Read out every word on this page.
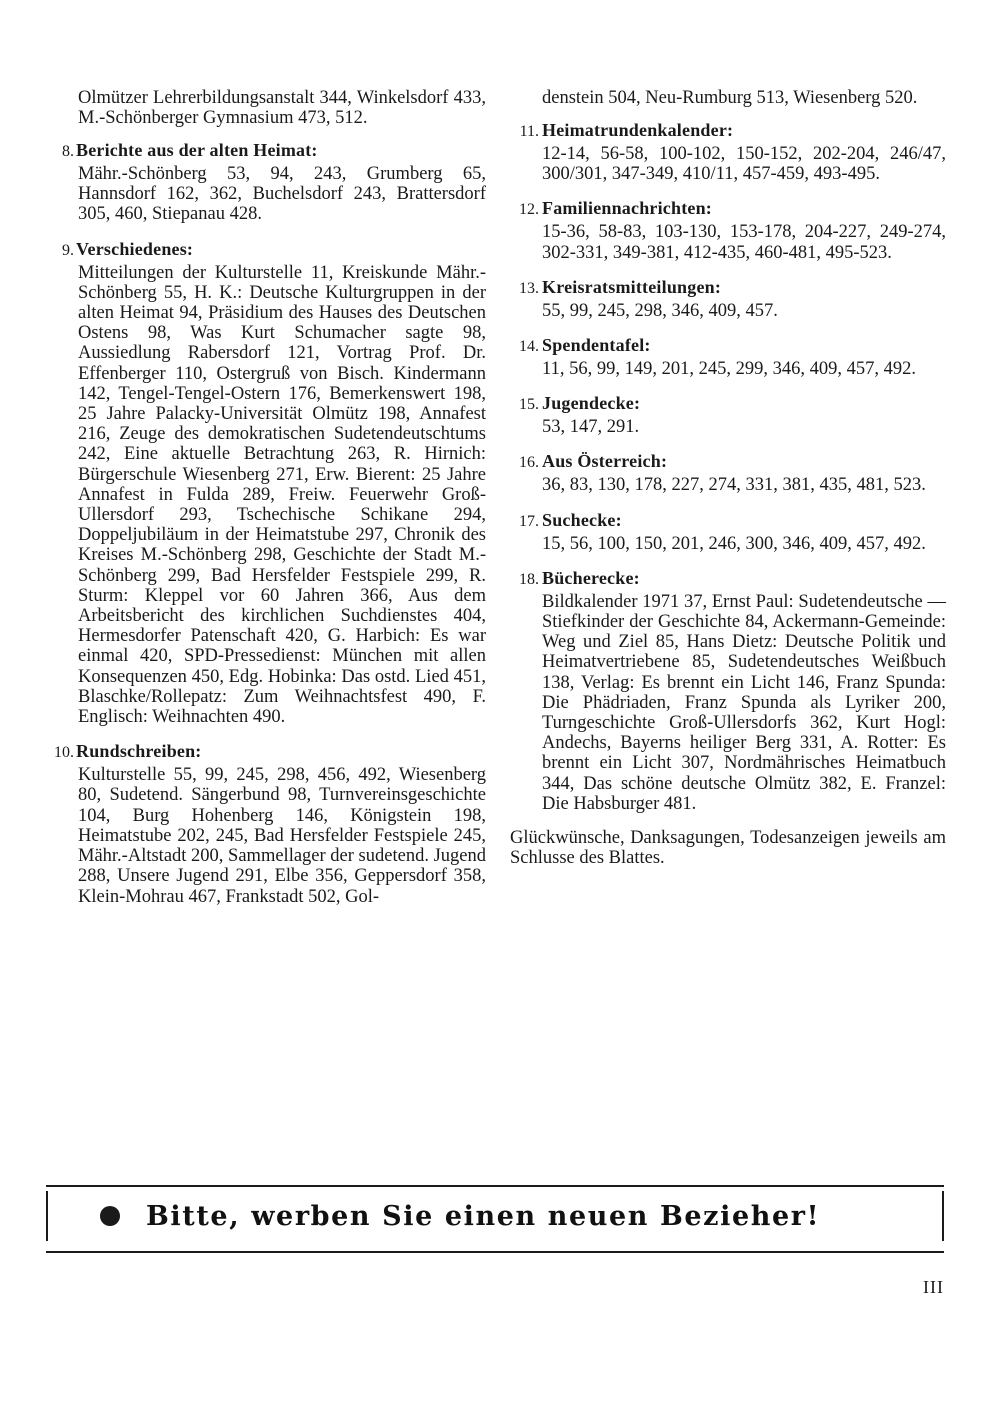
Olmützer Lehrerbildungsanstalt 344, Winkelsdorf 433, M.-Schönberger Gymnasium 473, 512.
8. Berichte aus der alten Heimat:
Mähr.-Schönberg 53, 94, 243, Grumberg 65, Hannsdorf 162, 362, Buchelsdorf 243, Brattersdorf 305, 460, Stiepanau 428.
9. Verschiedenes:
Mitteilungen der Kulturstelle 11, Kreiskunde Mähr.-Schönberg 55, H. K.: Deutsche Kulturgruppen in der alten Heimat 94, Präsidium des Hauses des Deutschen Ostens 98, Was Kurt Schumacher sagte 98, Aussiedlung Rabersdorf 121, Vortrag Prof. Dr. Effenberger 110, Ostergruß von Bisch. Kindermann 142, Tengel-Tengel-Ostern 176, Bemerkenswert 198, 25 Jahre Palacky-Universität Olmütz 198, Annafest 216, Zeuge des demokratischen Sudetendeutschtums 242, Eine aktuelle Betrachtung 263, R. Hirnich: Bürgerschule Wiesenberg 271, Erw. Bierent: 25 Jahre Annafest in Fulda 289, Freiw. Feuerwehr Groß-Ullersdorf 293, Tschechische Schikane 294, Doppeljubiläum in der Heimatstube 297, Chronik des Kreises M.-Schönberg 298, Geschichte der Stadt M.-Schönberg 299, Bad Hersfelder Festspiele 299, R. Sturm: Kleppel vor 60 Jahren 366, Aus dem Arbeitsbericht des kirchlichen Suchdienstes 404, Hermesdorfer Patenschaft 420, G. Harbich: Es war einmal 420, SPD-Pressedienst: München mit allen Konsequenzen 450, Edg. Hobinka: Das ostd. Lied 451, Blaschke/Rollepatz: Zum Weihnachtsfest 490, F. Englisch: Weihnachten 490.
10. Rundschreiben:
Kulturstelle 55, 99, 245, 298, 456, 492, Wiesenberg 80, Sudetend. Sängerbund 98, Turnvereinsgeschichte 104, Burg Hohenberg 146, Königstein 198, Heimatstube 202, 245, Bad Hersfelder Festspiele 245, Mähr.-Altstadt 200, Sammellager der sudetend. Jugend 288, Unsere Jugend 291, Elbe 356, Geppersdorf 358, Klein-Mohrau 467, Frankstadt 502, Gol-
denstein 504, Neu-Rumburg 513, Wiesenberg 520.
11. Heimatrundenkalender:
12-14, 56-58, 100-102, 150-152, 202-204, 246/47, 300/301, 347-349, 410/11, 457-459, 493-495.
12. Familiennachrichten:
15-36, 58-83, 103-130, 153-178, 204-227, 249-274, 302-331, 349-381, 412-435, 460-481, 495-523.
13. Kreisratsmitteilungen:
55, 99, 245, 298, 346, 409, 457.
14. Spendentafel:
11, 56, 99, 149, 201, 245, 299, 346, 409, 457, 492.
15. Jugendecke:
53, 147, 291.
16. Aus Österreich:
36, 83, 130, 178, 227, 274, 331, 381, 435, 481, 523.
17. Suchecke:
15, 56, 100, 150, 201, 246, 300, 346, 409, 457, 492.
18. Bücherecke:
Bildkalender 1971 37, Ernst Paul: Sudetendeutsche — Stiefkinder der Geschichte 84, Ackermann-Gemeinde: Weg und Ziel 85, Hans Dietz: Deutsche Politik und Heimatvertriebene 85, Sudetendeutsches Weißbuch 138, Verlag: Es brennt ein Licht 146, Franz Spunda: Die Phädriaden, Franz Spunda als Lyriker 200, Turngeschichte Groß-Ullersdorfs 362, Kurt Hogl: Andechs, Bayerns heiliger Berg 331, A. Rotter: Es brennt ein Licht 307, Nordmährisches Heimatbuch 344, Das schöne deutsche Olmütz 382, E. Franzel: Die Habsburger 481.
Glückwünsche, Danksagungen, Todesanzeigen jeweils am Schlusse des Blattes.
Bitte, werben Sie einen neuen Bezieher!
III
